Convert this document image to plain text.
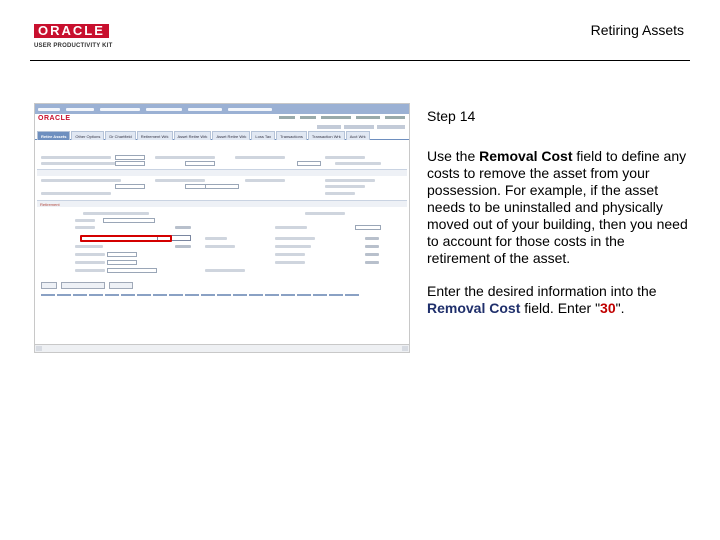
ORACLE
USER PRODUCTIVITY KIT
Retiring Assets
ORACLE
Retire Assets	Other Options	Dr Chartfield	Retirement Wrk	Asset Retire Wrk	Asset Retire Wrk	Loss Tax	Transactions	Transaction Wrk	Acct Wrk
Retirement
Step 14
Use the Removal Cost field to define any costs to remove the asset from your possession. For example, if the asset needs to be uninstalled and physically moved out of your building, then you need to account for those costs in the retirement of the asset.
Enter the desired information into the Removal Cost field. Enter "30".
